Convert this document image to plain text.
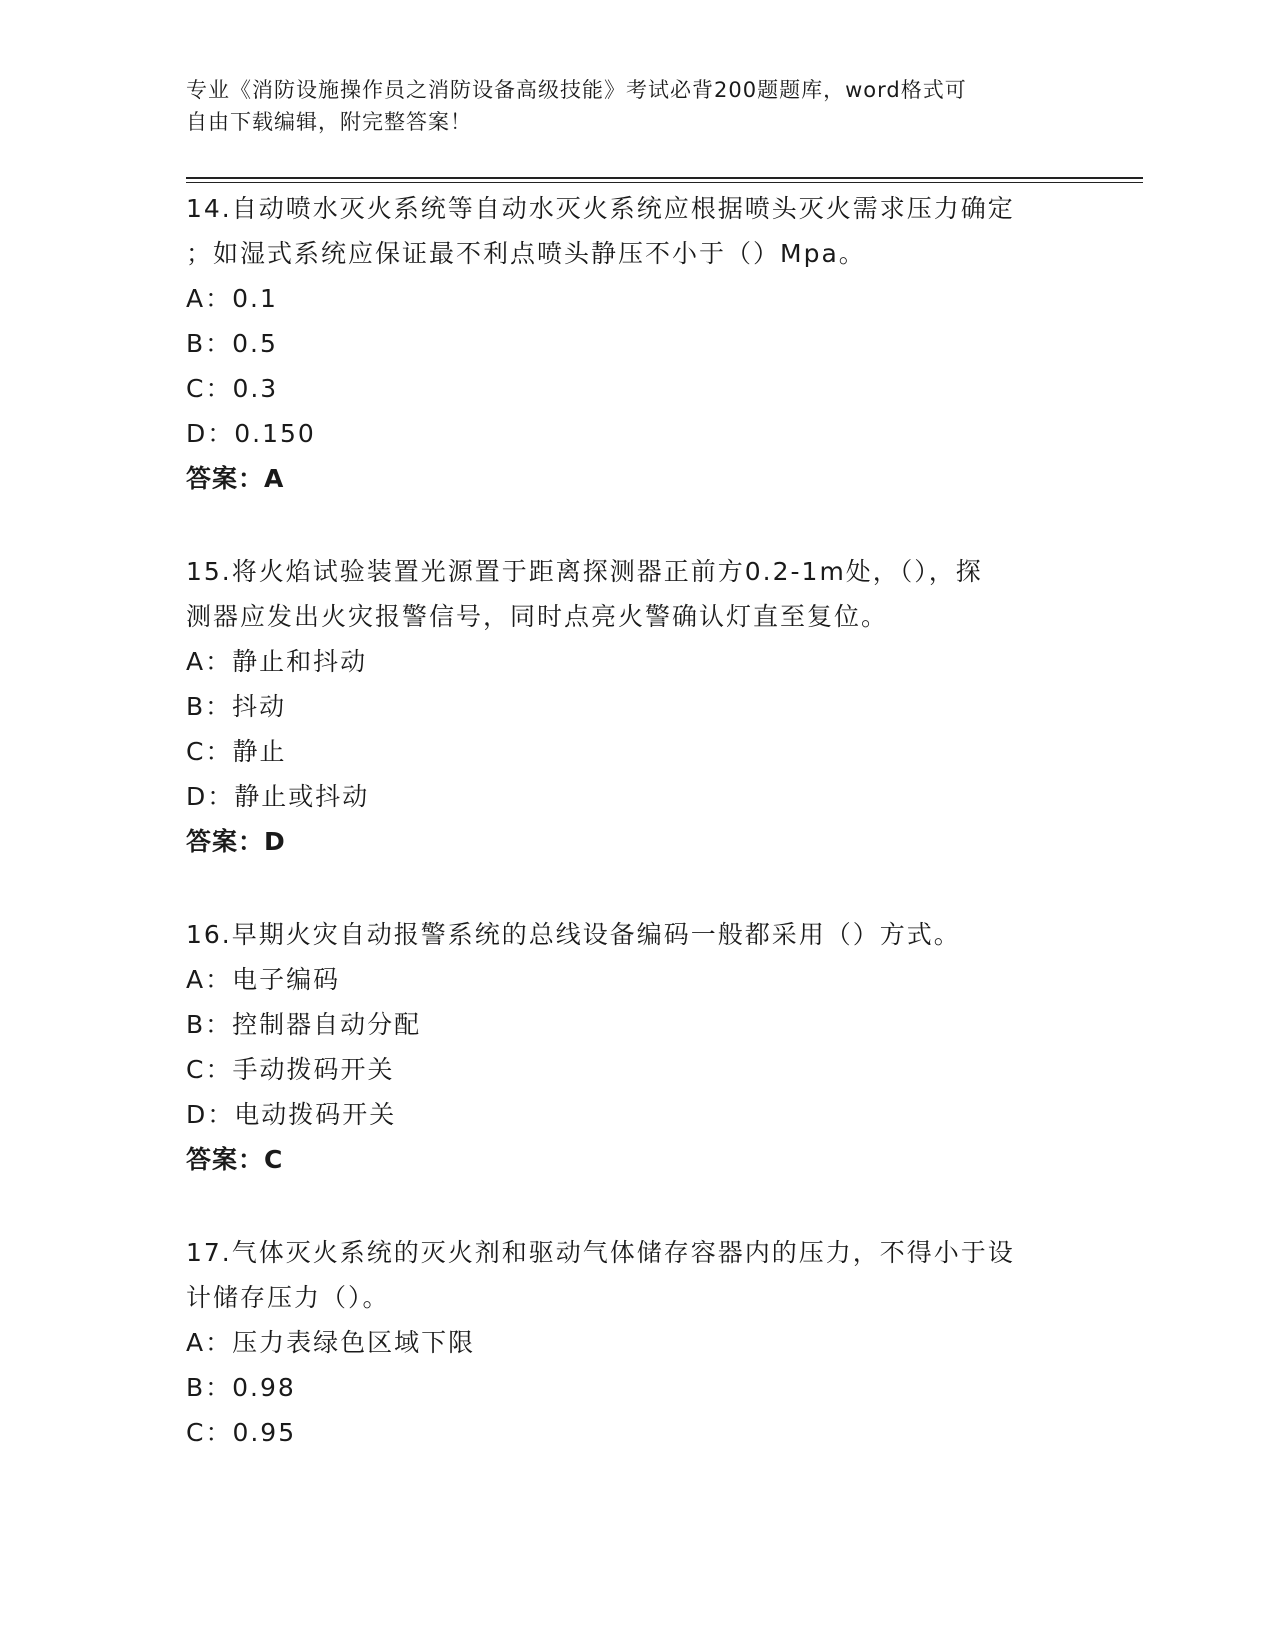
专业《消防设施操作员之消防设备高级技能》考试必背200题题库，word格式可
自由下载编辑，附完整答案！
14.自动喷水灭火系统等自动水灭火系统应根据喷头灭火需求压力确定
；如湿式系统应保证最不利点喷头静压不小于（）Mpa。
A：0.1
B：0.5
C：0.3
D：0.150
答案：A
15.将火焰试验装置光源置于距离探测器正前方0.2-1m处，（），探
测器应发出火灾报警信号，同时点亮火警确认灯直至复位。
A：静止和抖动
B：抖动
C：静止
D：静止或抖动
答案：D
16.早期火灾自动报警系统的总线设备编码一般都采用（）方式。
A：电子编码
B：控制器自动分配
C：手动拨码开关
D：电动拨码开关
答案：C
17.气体灭火系统的灭火剂和驱动气体储存容器内的压力，不得小于设
计储存压力（）。
A：压力表绿色区域下限
B：0.98
C：0.95
